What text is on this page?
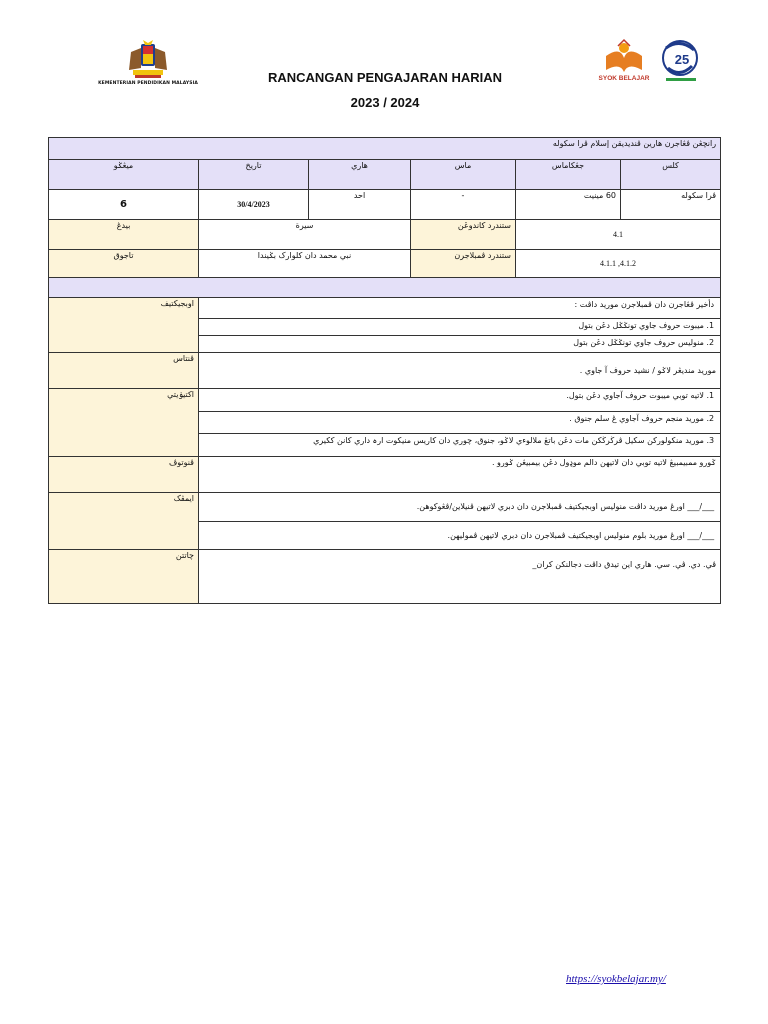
KEMENTERIAN PENDIDIKAN MALAYSIA
SYOK BELAJAR
25
RANCANGAN PENGAJARAN HARIAN
2023 / 2024
رانچڠن ڤڠاجرن هارين ڤنديديقن إسلام ڤرا سکوله
ميڠݢو	تاريخ	هاري	ماس	جڠکاماس	کلس
6	30/4/2023	احد	-	60 مينيت	ڤرا سکوله
بيدڠ	سيرة	ستندرد کاندوڠن	4.1
تاجوق	نبي محمد دان کلوارک بݢيندا	ستندرد ڤمبلاجرن	4.1.1 ,4.1.2

اوبجيکتيف		دأخير ڤڠاجرن دان ڤمبلاجرن موريد داڤت :
1. ميبوت حروف جاوي تونݢݢل دڠن بتول
2. منوليس حروف جاوي تونݢݢل دڠن بتول

ڤنتاس	موريد منديڠر لاݢو / نشيد حروف آ جاوي .
اکتيۏيتي		1. لاتيه توبي ميبوت حروف آجاوي دڠن بتول.
2. موريد منجم حروف آجاوي ڠ سلم جنوق .
3. موريد منکولورکن سکيل ڤرڬرڬکن مات دڠن باتڠ ملالوءي لاݢو، جنوق، چوري دان کاريس منيکوت ارہ داري کانن ککيري

ڤنوتوڤ	ݢورو ممبيمبيڠ لاتيه توبي دان لاتيهن دالم موډول دڠن بيمبيڠن ݢورو .
ايمڤک	
___/___ اورڠ موريد داڤت منوليس اوبجيکتيف ڤمبلاجرن دان دبري لاتيهن ڤنيلاين/ڤڠوکوهن.
___/___ اورڠ موريد بلوم منوليس اوبجيکتيف ڤمبلاجرن دان دبري لاتيهن ڤموليهن.

چاتتن	ڤي. دي. ڤي. سي. هاري اين تيدق داڤت دجالنکن کران_
https://syokbelajar.my/
